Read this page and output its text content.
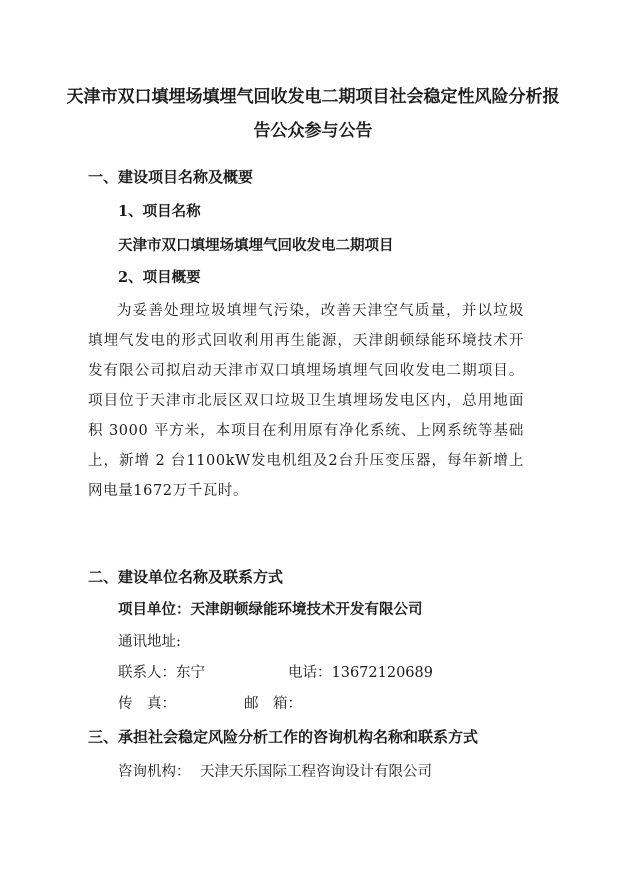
天津市双口填埋场填埋气回收发电二期项目社会稳定性风险分析报告公众参与公告
一、建设项目名称及概要
1、项目名称
天津市双口填埋场填埋气回收发电二期项目
2、项目概要
为妥善处理垃圾填埋气污染，改善天津空气质量，并以垃圾填埋气发电的形式回收利用再生能源，天津朗顿绿能环境技术开发有限公司拟启动天津市双口填埋场填埋气回收发电二期项目。项目位于天津市北辰区双口垃圾卫生填埋场发电区内，总用地面积 3000 平方米，本项目在利用原有净化系统、上网系统等基础上，新增 2 台1100kW发电机组及2台升压变压器，每年新增上网电量1672万千瓦时。
二、建设单位名称及联系方式
项目单位：天津朗顿绿能环境技术开发有限公司
通讯地址:
联系人：东宁	电话：13672120689
传　真：	邮　箱：
三、承担社会稳定风险分析工作的咨询机构名称和联系方式
咨询机构： 天津天乐国际工程咨询设计有限公司
